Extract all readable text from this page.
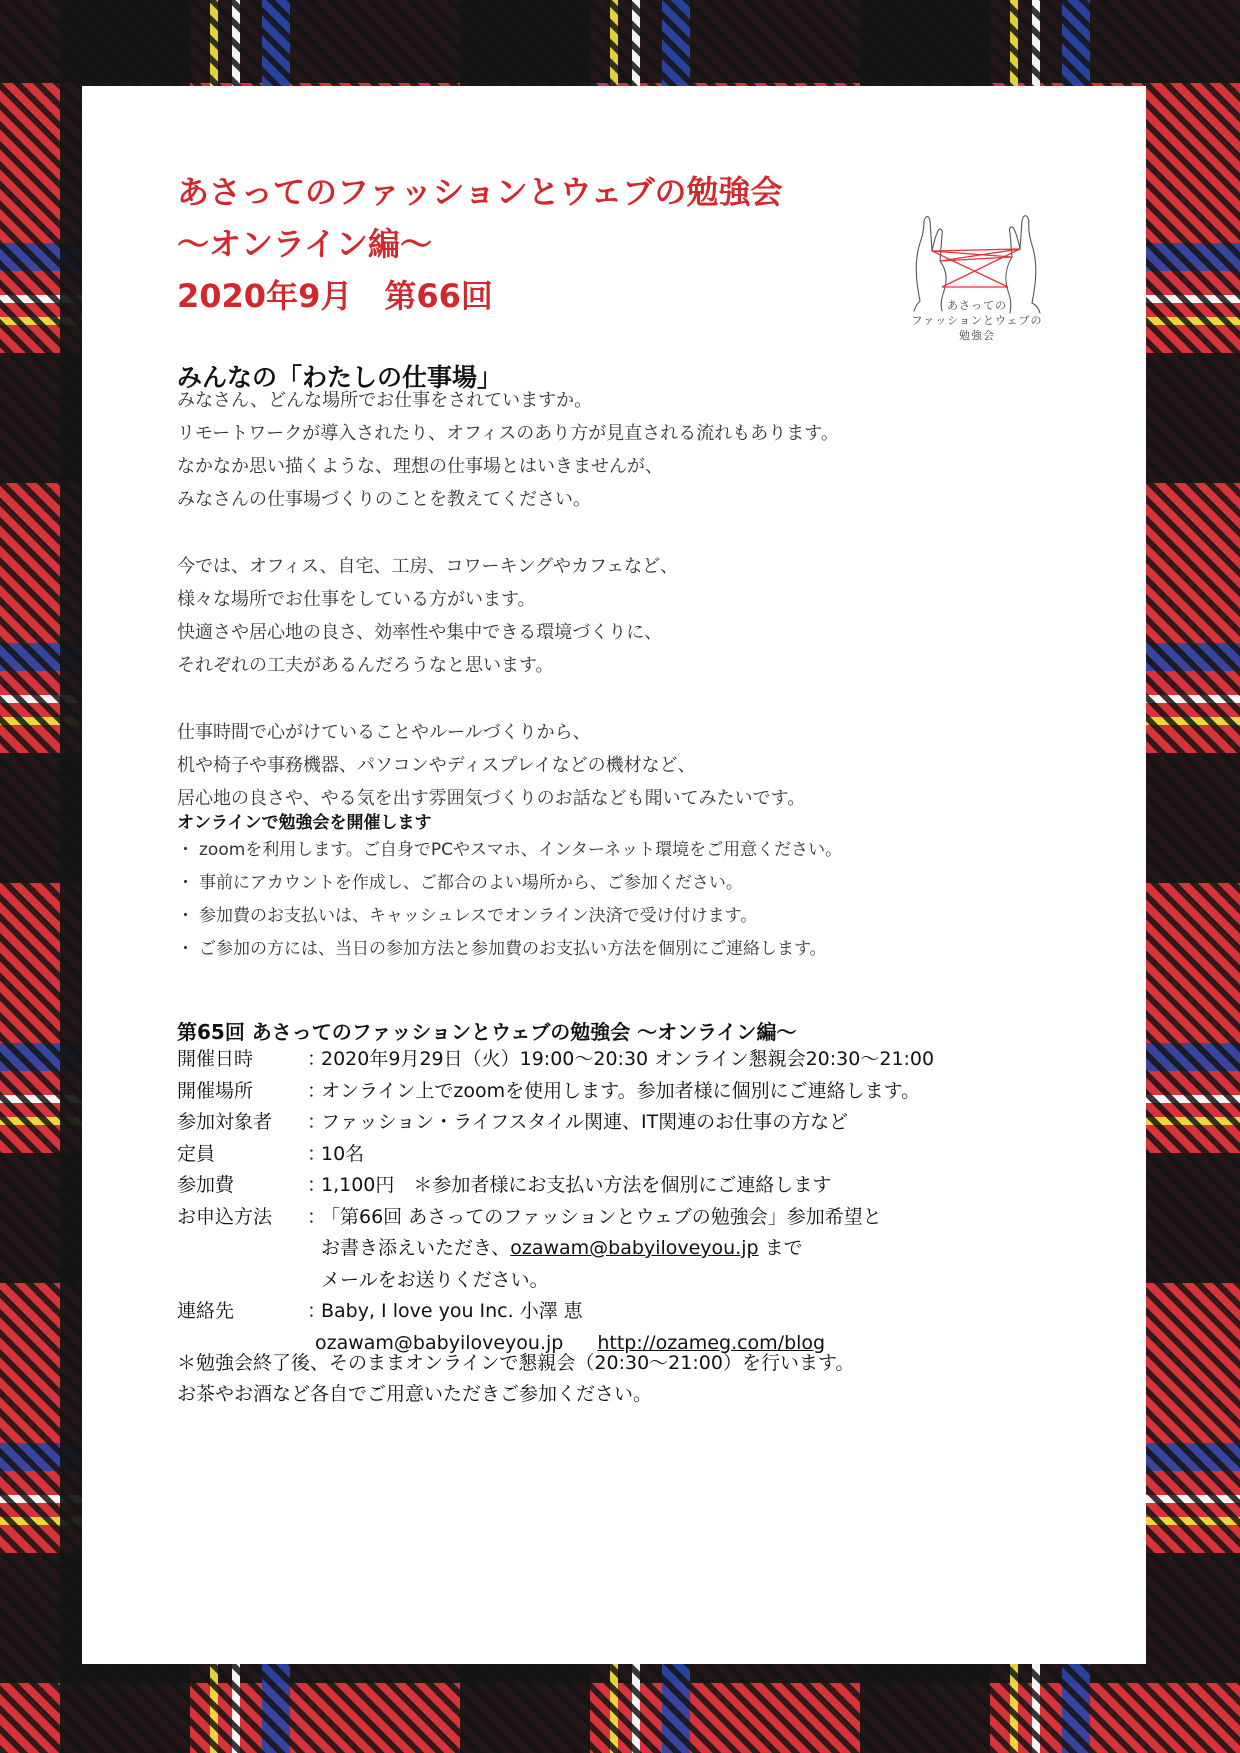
あさってのファッションとウェブの勉強会

〜オンライン編〜

2020年9月　第66回	あさっての
ファッションとウェブの
勉強会
みんなの「わたしの仕事場」
みなさん、どんな場所でお仕事をされていますか。
リモートワークが導入されたり、オフィスのあり方が見直される流れもあります。
なかなか思い描くような、理想の仕事場とはいきませんが、
みなさんの仕事場づくりのことを教えてください。
今では、オフィス、自宅、工房、コワーキングやカフェなど、
様々な場所でお仕事をしている方がいます。
快適さや居心地の良さ、効率性や集中できる環境づくりに、
それぞれの工夫があるんだろうなと思います。
仕事時間で心がけていることやルールづくりから、
机や椅子や事務機器、パソコンやディスプレイなどの機材など、
居心地の良さや、やる気を出す雰囲気づくりのお話なども聞いてみたいです。
オンラインで勉強会を開催します
・ zoomを利用します。ご自身でPCやスマホ、インターネット環境をご用意ください。
・ 事前にアカウントを作成し、ご都合のよい場所から、ご参加ください。
・ 参加費のお支払いは、キャッシュレスでオンライン決済で受け付けます。
・ ご参加の方には、当日の参加方法と参加費のお支払い方法を個別にご連絡します。
第65回 あさってのファッションとウェブの勉強会 〜オンライン編〜
開催日時	：
2020年9月29日（火）19:00〜20:30 オンライン懇親会20:30〜21:00
開催場所	：
オンライン上でzoomを使用します。参加者様に個別にご連絡します。
参加対象者	：
ファッション・ライフスタイル関連、IT関連のお仕事の方など
定員	：
10名
参加費	：
1,100円　＊参加者様にお支払い方法を個別にご連絡します
お申込方法	：
「第66回 あさってのファッションとウェブの勉強会」参加希望と
お書き添えいただき、ozawam@babyiloveyou.jp まで
メールをお送りください。
連絡先	：
Baby, I love you Inc. 小澤 恵
ozawam@babyiloveyou.jp http://ozameg.com/blog
＊勉強会終了後、そのままオンラインで懇親会（20:30〜21:00）を行います。
お茶やお酒など各自でご用意いただきご参加ください。
